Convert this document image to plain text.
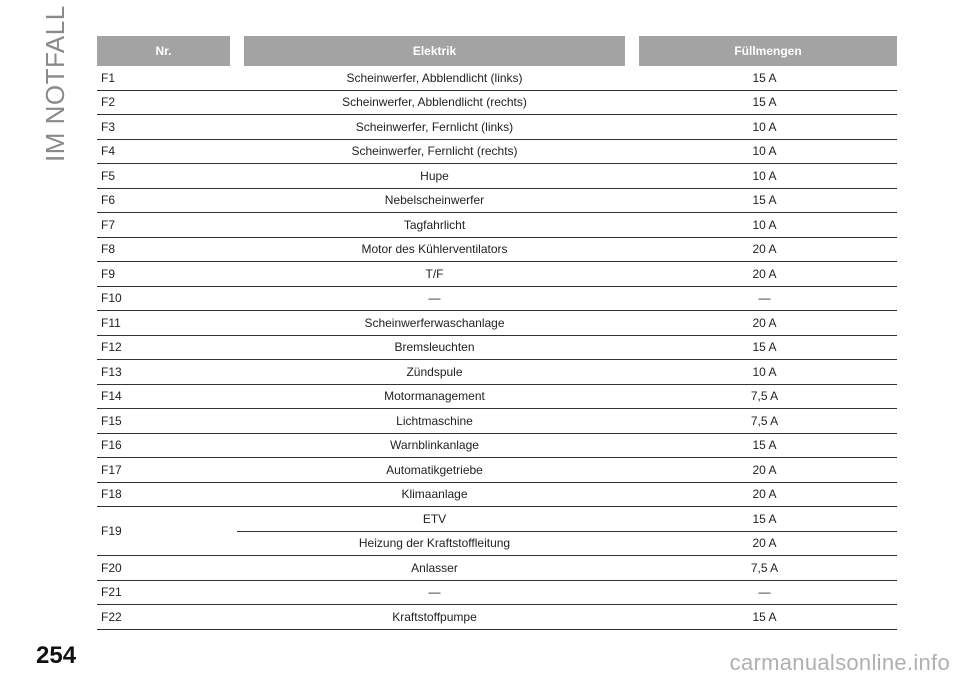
IM NOTFALL	Nr.	Elektrik	Füllmengen
F1	Scheinwerfer, Abblendlicht (links)	15 A
F2	Scheinwerfer, Abblendlicht (rechts)	15 A
F3	Scheinwerfer, Fernlicht (links)	10 A
F4	Scheinwerfer, Fernlicht (rechts)	10 A
F5	Hupe	10 A
F6	Nebelscheinwerfer	15 A
F7	Tagfahrlicht	10 A
F8	Motor des Kühlerventilators	20 A
F9	T/F	20 A
F10	—	—
F11	Scheinwerferwaschanlage	20 A
F12	Bremsleuchten	15 A
F13	Zündspule	10 A
F14	Motormanagement	7,5 A
F15	Lichtmaschine	7,5 A
F16	Warnblinkanlage	15 A
F17	Automatikgetriebe	20 A
F18	Klimaanlage	20 A
F19	ETV	15 A
	Heizung der Kraftstoffleitung	20 A
F20	Anlasser	7,5 A
F21	—	—
F22	Kraftstoffpumpe	15 A
254	carmanualsonline.info
